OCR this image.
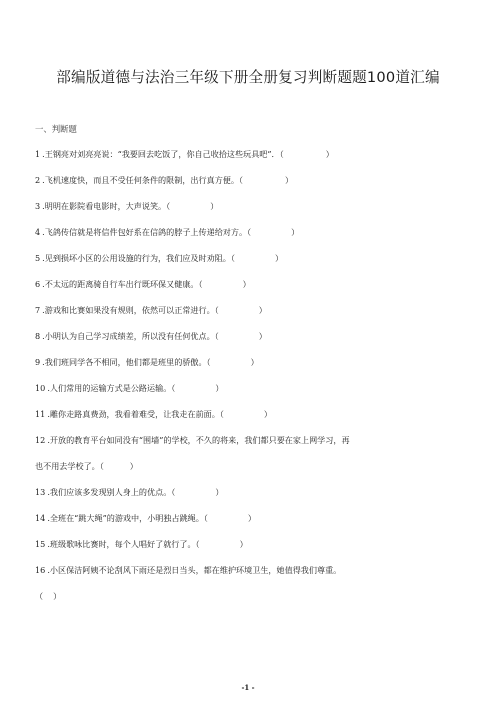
部编版道德与法治三年级下册全册复习判断题题100道汇编
一、判断题
1 .王钢亮对刘亮亮说：“我要回去吃饭了，你自己收拾这些玩具吧”．（	）
2 .飞机速度快，而且不受任何条件的限制，出行真方便。（	）
3 .明明在影院看电影时，大声说笑。（	）
4 .飞鸽传信就是将信件包好系在信鸽的脖子上传递给对方。（	）
5 .见到损坏小区的公用设施的行为，我们应及时劝阻。（	）
6 .不太远的距离骑自行车出行既环保又健康。（	）
7 .游戏和比赛如果没有规则，依然可以正常进行。（	）
8 .小明认为自己学习成绩差，所以没有任何优点。（	）
9 .我们班同学各不相同，他们都是班里的骄傲。（	）
10 .人们常用的运输方式是公路运输。（	）
11 .雕你走路真费劲，我看着难受，让我走在前面。（	）
12 .开放的教育平台如同没有“围墙”的学校，不久的将来，我们都只要在家上网学习，再
也不用去学校了。（	）
13 .我们应该多发现别人身上的优点。（	）
14 .全班在“跳大绳”的游戏中，小明独占跳绳。（	）
15 .班级歌咏比赛时，每个人唱好了就行了。（	）
16 .小区保洁阿姨不论刮风下雨还是烈日当头，都在维护环境卫生，她值得我们尊重。
（ ）
-1 -
